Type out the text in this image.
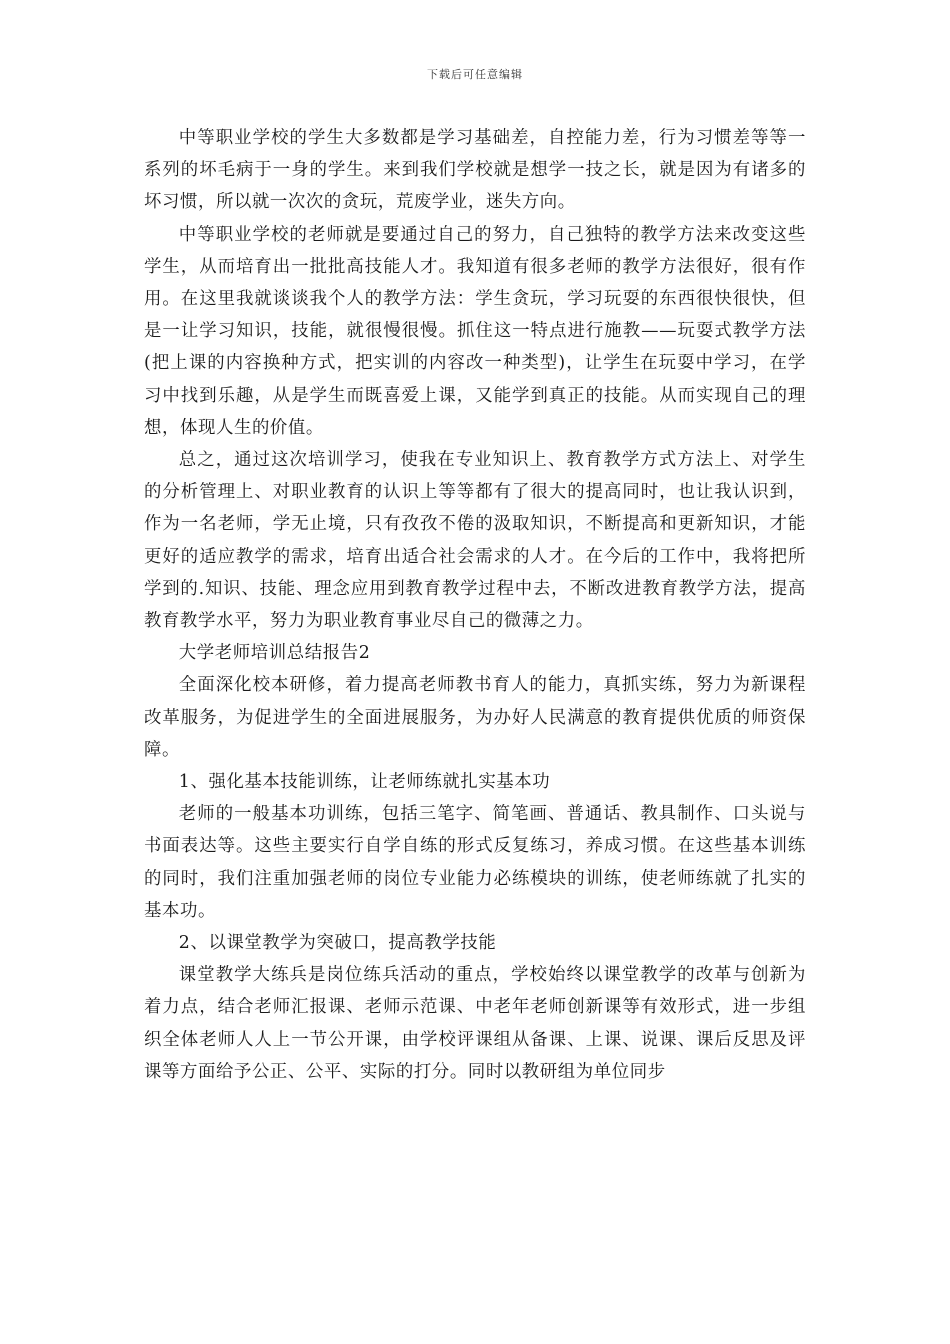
下载后可任意编辑

中等职业学校的学生大多数都是学习基础差，自控能力差，行为习惯差等等一系列的坏毛病于一身的学生。来到我们学校就是想学一技之长，就是因为有诸多的坏习惯，所以就一次次的贪玩，荒废学业，迷失方向。

中等职业学校的老师就是要通过自己的努力，自己独特的教学方法来改变这些学生，从而培育出一批批高技能人才。我知道有很多老师的教学方法很好，很有作用。在这里我就谈谈我个人的教学方法：学生贪玩，学习玩耍的东西很快很快，但是一让学习知识，技能，就很慢很慢。抓住这一特点进行施教——玩耍式教学方法(把上课的内容换种方式，把实训的内容改一种类型)，让学生在玩耍中学习，在学习中找到乐趣，从是学生而既喜爱上课，又能学到真正的技能。从而实现自己的理想，体现人生的价值。

总之，通过这次培训学习，使我在专业知识上、教育教学方式方法上、对学生的分析管理上、对职业教育的认识上等等都有了很大的提高同时，也让我认识到，作为一名老师，学无止境，只有孜孜不倦的汲取知识，不断提高和更新知识，才能更好的适应教学的需求，培育出适合社会需求的人才。在今后的工作中，我将把所学到的.知识、技能、理念应用到教育教学过程中去，不断改进教育教学方法，提高教育教学水平，努力为职业教育事业尽自己的微薄之力。

大学老师培训总结报告2

全面深化校本研修，着力提高老师教书育人的能力，真抓实练，努力为新课程改革服务，为促进学生的全面进展服务，为办好人民满意的教育提供优质的师资保障。

1、强化基本技能训练，让老师练就扎实基本功

老师的一般基本功训练，包括三笔字、简笔画、普通话、教具制作、口头说与书面表达等。这些主要实行自学自练的形式反复练习，养成习惯。在这些基本训练的同时，我们注重加强老师的岗位专业能力必练模块的训练，使老师练就了扎实的基本功。

2、以课堂教学为突破口，提高教学技能

课堂教学大练兵是岗位练兵活动的重点，学校始终以课堂教学的改革与创新为着力点，结合老师汇报课、老师示范课、中老年老师创新课等有效形式，进一步组织全体老师人人上一节公开课，由学校评课组从备课、上课、说课、课后反思及评课等方面给予公正、公平、实际的打分。同时以教研组为单位同步
